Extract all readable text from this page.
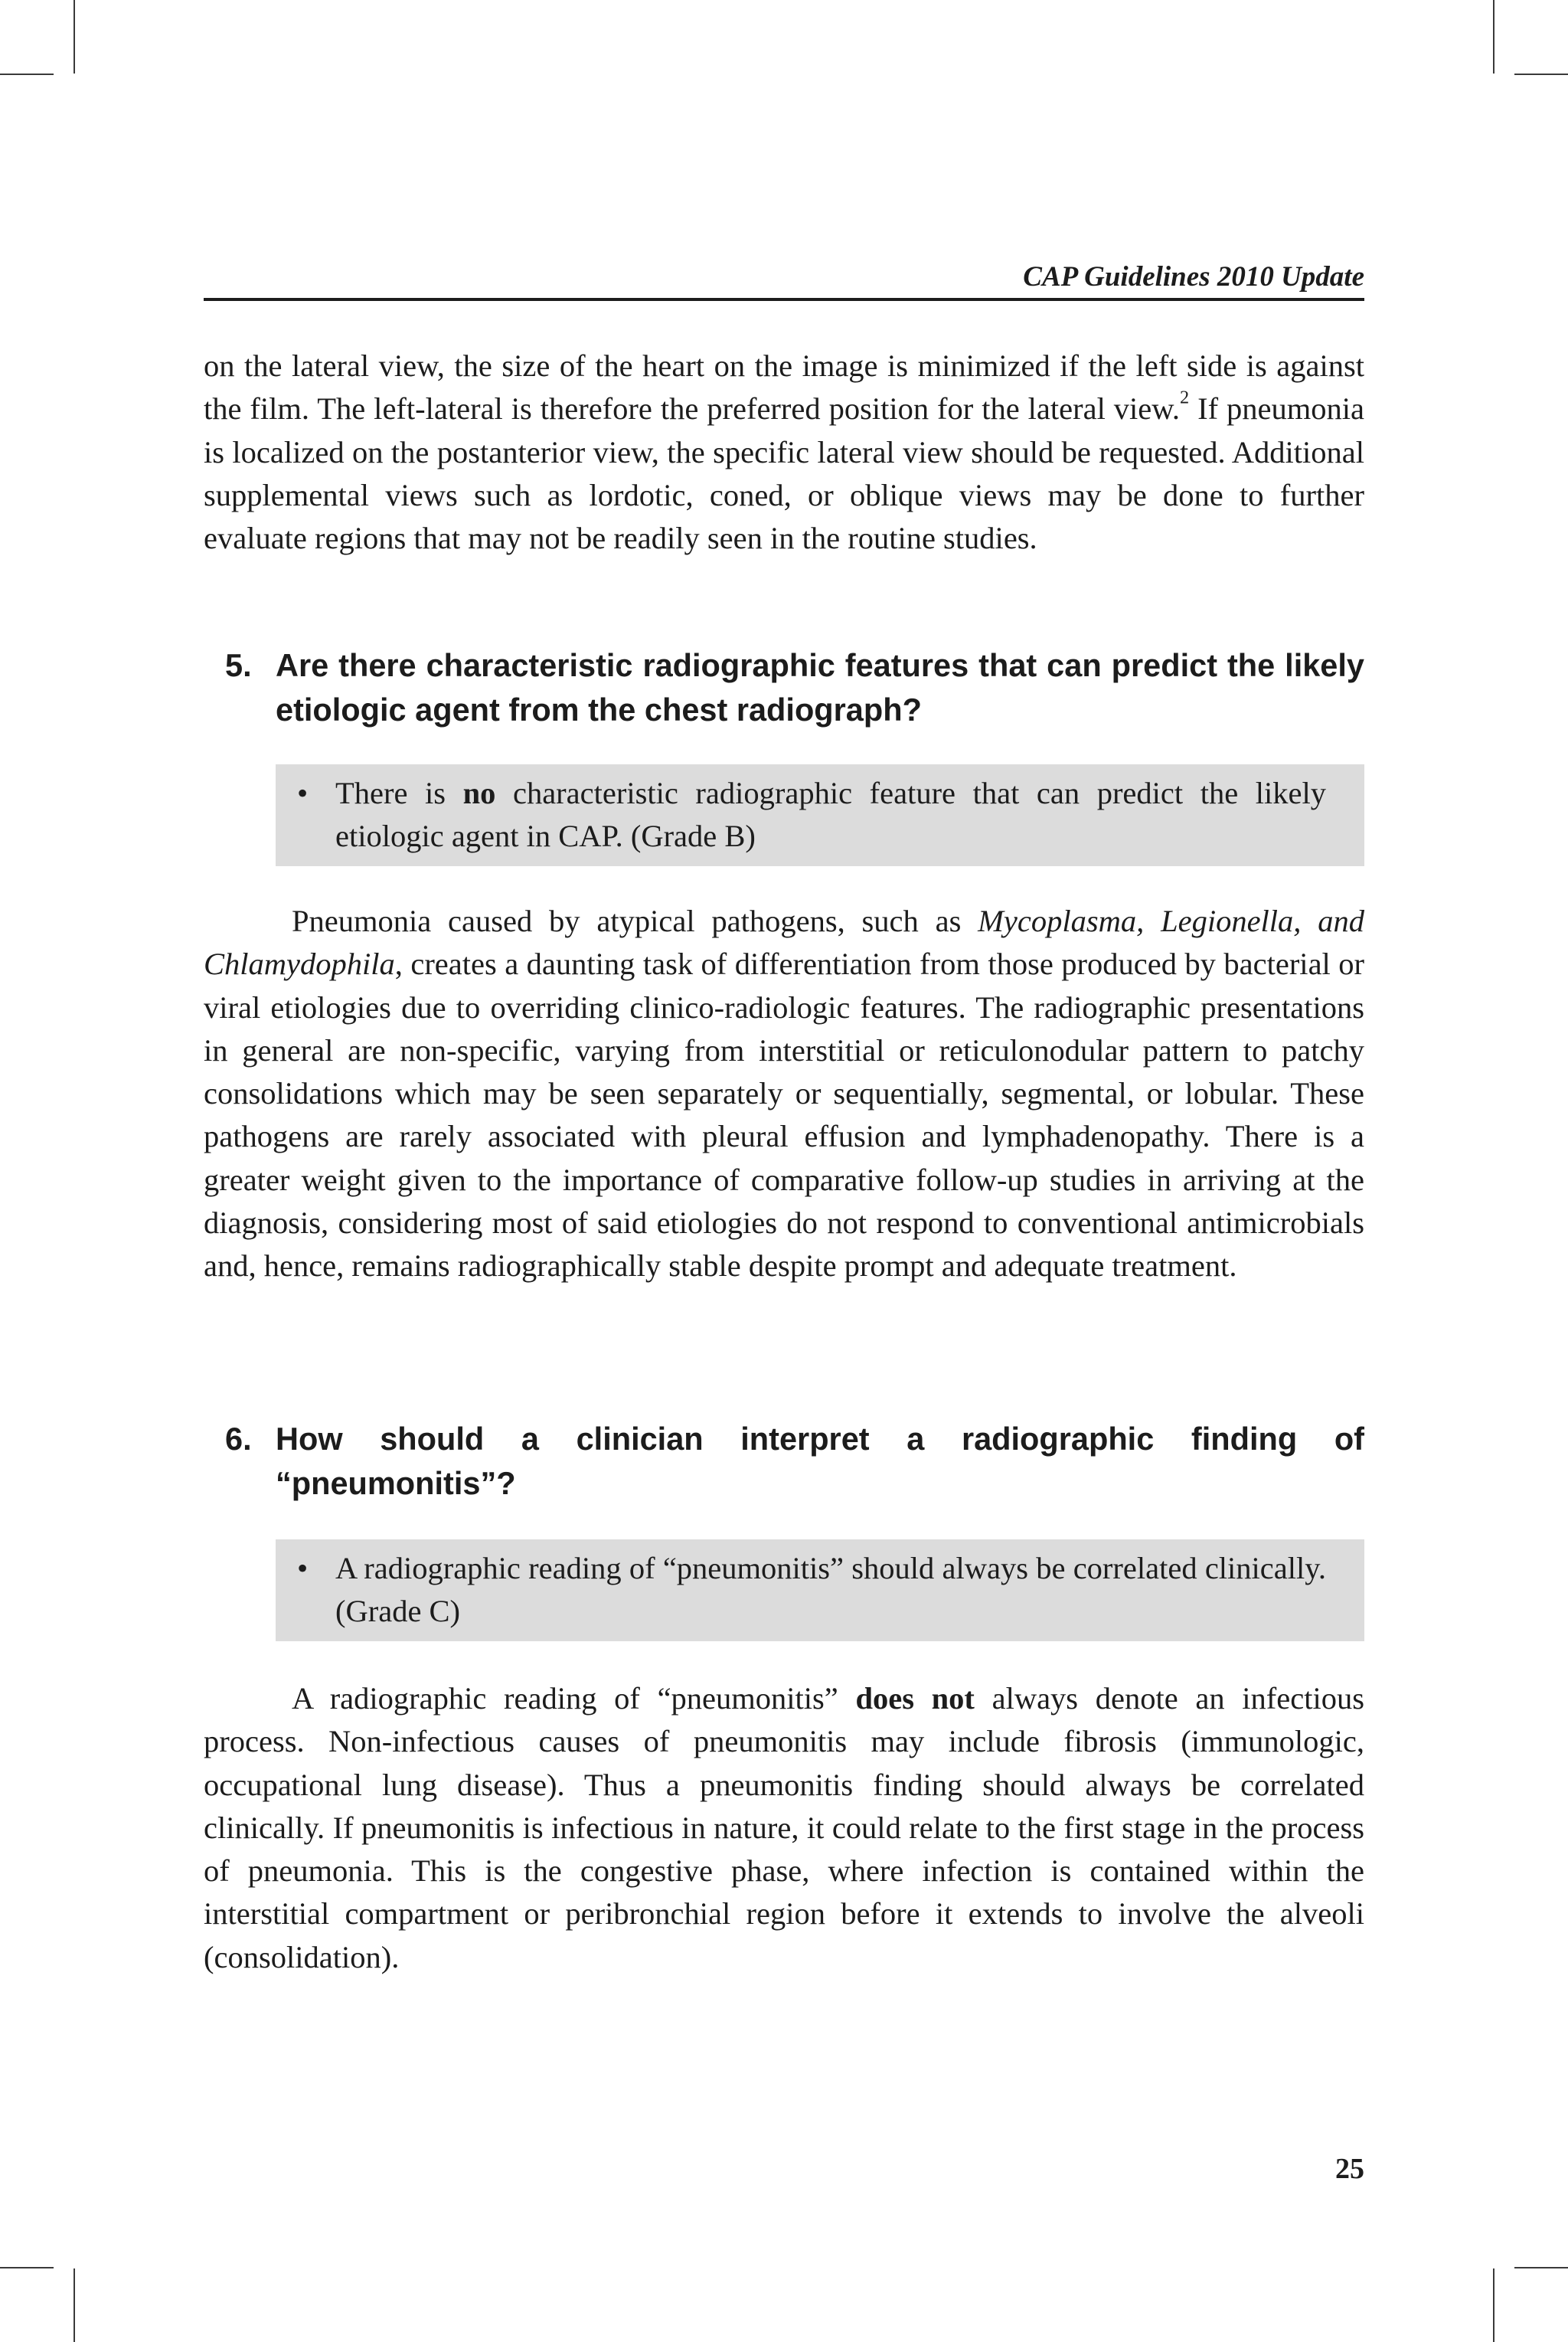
CAP Guidelines 2010 Update

on the lateral view, the size of the heart on the image is minimized if the left side is against the film. The left-lateral is therefore the preferred position for the lateral view.$^2$ If pneumonia is localized on the postanterior view, the specific lateral view should be requested. Additional supplemental views such as lordotic, coned, or oblique views may be done to further evaluate regions that may not be readily seen in the routine studies.

5. Are there characteristic radiographic features that can predict the likely etiologic agent from the chest radiograph?
• There is no characteristic radiographic feature that can predict the likely etiologic agent in CAP. (Grade B)

Pneumonia caused by atypical pathogens, such as Mycoplasma, Legionella, and Chlamydophila, creates a daunting task of differentiation from those produced by bacterial or viral etiologies due to overriding clinico-radiologic features. The radiographic presentations in general are non-specific, varying from interstitial or reticulonodular pattern to patchy consolidations which may be seen separately or sequentially, segmental, or lobular. These pathogens are rarely associated with pleural effusion and lymphadenopathy. There is a greater weight given to the importance of comparative follow-up studies in arriving at the diagnosis, considering most of said etiologies do not respond to conventional antimicrobials and, hence, remains radiographically stable despite prompt and adequate treatment.

6. How should a clinician interpret a radiographic finding of “pneumonitis”?
• A radiographic reading of “pneumonitis” should always be correlated clinically. (Grade C)

A radiographic reading of “pneumonitis” does not always denote an infectious process. Non-infectious causes of pneumonitis may include fibrosis (immunologic, occupational lung disease). Thus a pneumonitis finding should always be correlated clinically. If pneumonitis is infectious in nature, it could relate to the first stage in the process of pneumonia. This is the congestive phase, where infection is contained within the interstitial compartment or peribronchial region before it extends to involve the alveoli (consolidation).

25
